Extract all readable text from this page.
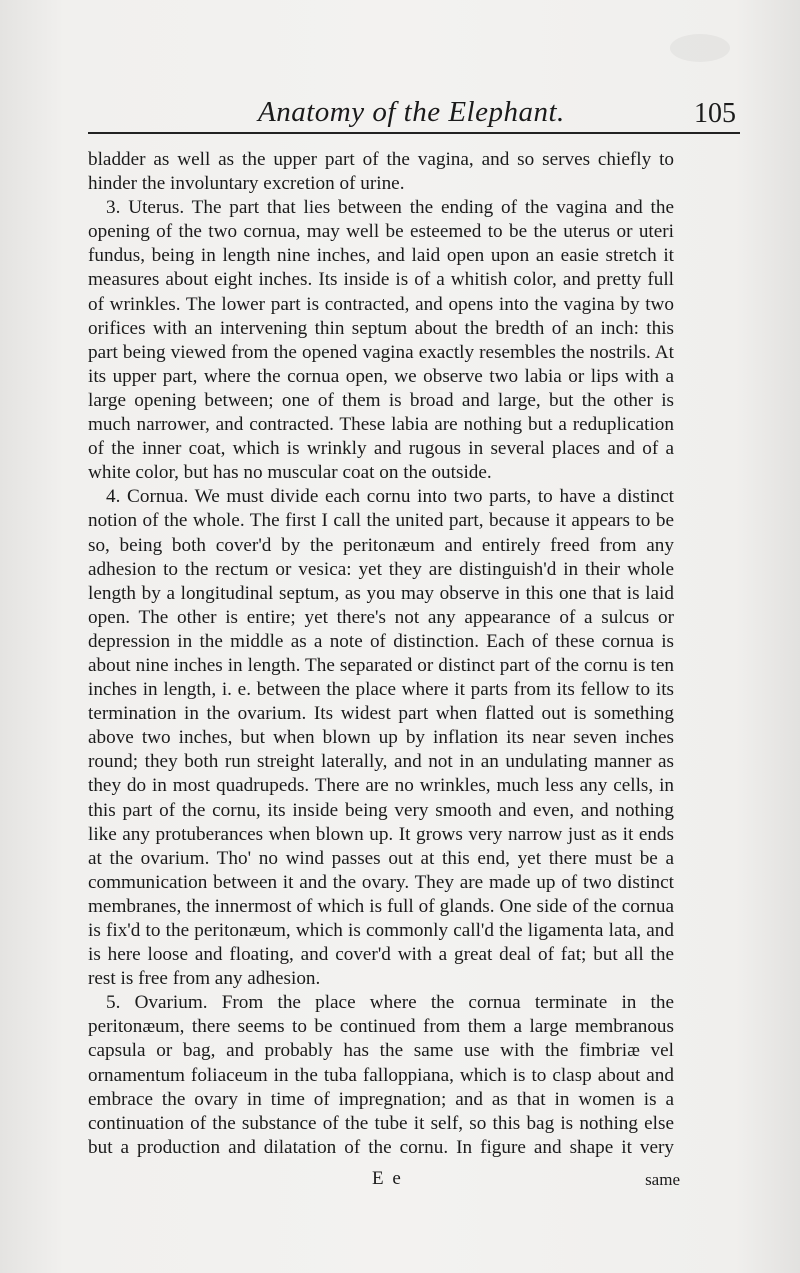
Anatomy of the Elephant.	105

bladder as well as the upper part of the vagina, and so serves chiefly to hinder the involuntary excretion of urine.

3. Uterus. The part that lies between the ending of the vagina and the opening of the two cornua, may well be esteemed to be the uterus or uteri fundus, being in length nine inches, and laid open upon an easie stretch it measures about eight inches. Its inside is of a whitish color, and pretty full of wrinkles. The lower part is contracted, and opens into the vagina by two orifices with an intervening thin septum about the bredth of an inch: this part being viewed from the opened vagina exactly resembles the nostrils. At its upper part, where the cornua open, we observe two labia or lips with a large opening between; one of them is broad and large, but the other is much narrower, and contracted. These labia are nothing but a reduplication of the inner coat, which is wrinkly and rugous in several places and of a white color, but has no muscular coat on the outside.

4. Cornua. We must divide each cornu into two parts, to have a distinct notion of the whole. The first I call the united part, because it appears to be so, being both cover'd by the peritonæum and entirely freed from any adhesion to the rectum or vesica: yet they are distinguish'd in their whole length by a longitudinal septum, as you may observe in this one that is laid open. The other is entire; yet there's not any appearance of a sulcus or depression in the middle as a note of distinction. Each of these cornua is about nine inches in length. The separated or distinct part of the cornu is ten inches in length, i. e. between the place where it parts from its fellow to its termination in the ovarium. Its widest part when flatted out is something above two inches, but when blown up by inflation its near seven inches round; they both run streight laterally, and not in an undulating manner as they do in most quadrupeds. There are no wrinkles, much less any cells, in this part of the cornu, its inside being very smooth and even, and nothing like any protuberances when blown up. It grows very narrow just as it ends at the ovarium. Tho' no wind passes out at this end, yet there must be a communication between it and the ovary. They are made up of two distinct membranes, the innermost of which is full of glands. One side of the cornua is fix'd to the peritonæum, which is commonly call'd the ligamenta lata, and is here loose and floating, and cover'd with a great deal of fat; but all the rest is free from any adhesion.

5. Ovarium. From the place where the cornua terminate in the peritonæum, there seems to be continued from them a large membranous capsula or bag, and probably has the same use with the fimbriæ vel ornamentum foliaceum in the tuba falloppiana, which is to clasp about and embrace the ovary in time of impregnation; and as that in women is a continuation of the substance of the tube it self, so this bag is nothing else but a production and dilatation of the cornu. In figure and shape it very

E e	same
